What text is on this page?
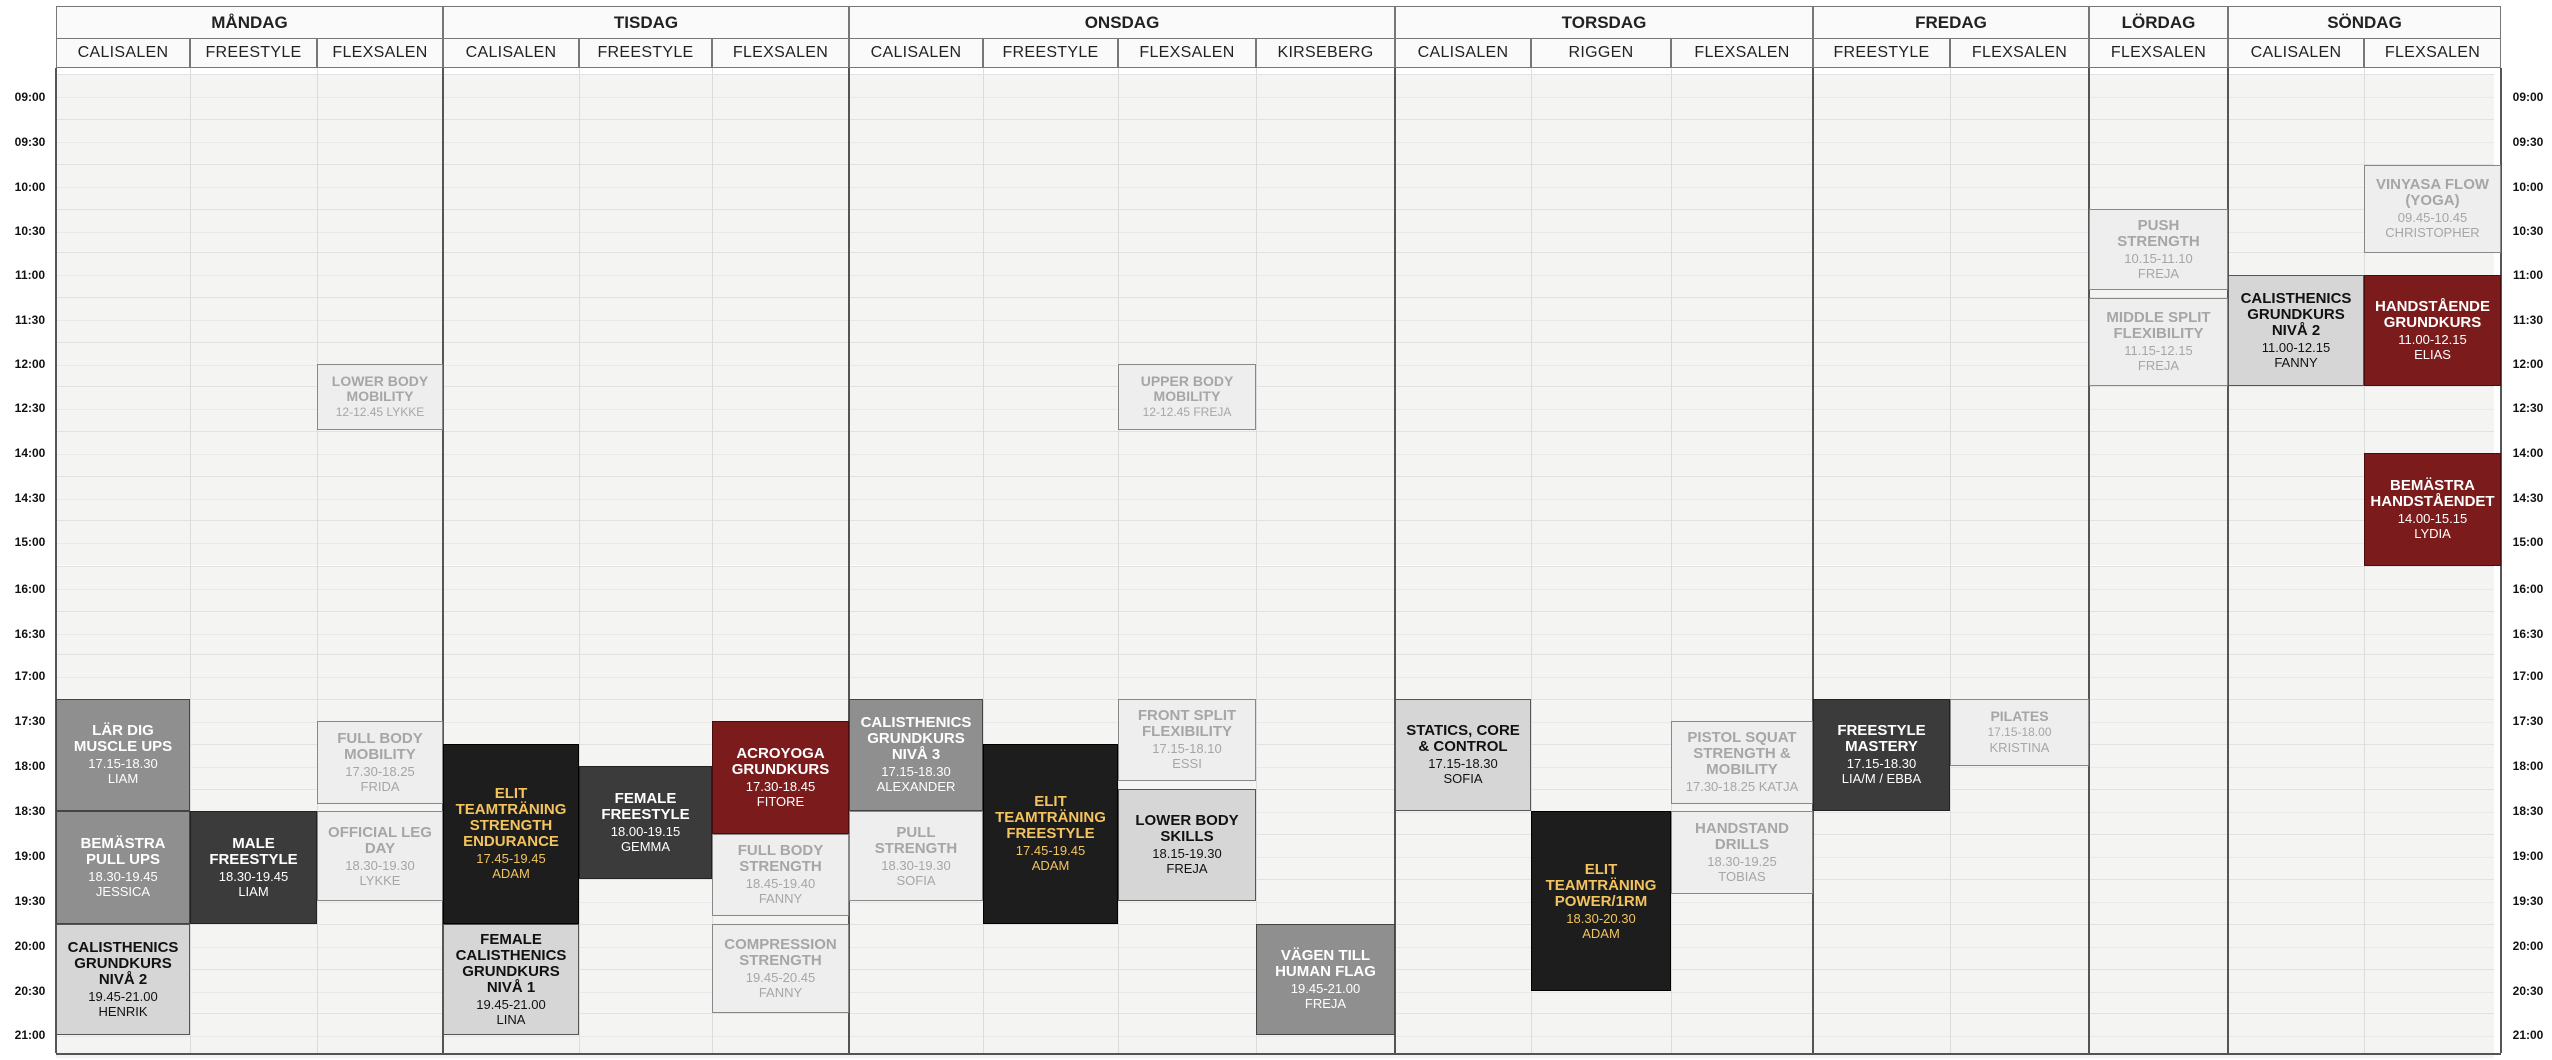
CALISALEN	FREESTYLE	FLEXSALEN
MÅNDAG
CALISALEN	FREESTYLE	FLEXSALEN
TISDAG
CALISALEN	FREESTYLE	FLEXSALEN	KIRSEBERG
ONSDAG
CALISALEN	RIGGEN	FLEXSALEN
TORSDAG
FREESTYLE	FLEXSALEN
FREDAG
FLEXSALEN
LÖRDAG
CALISALEN	FLEXSALEN
SÖNDAG
09:00	09:00
09:30	09:30
10:00	10:00
10:30	10:30
11:00	11:00
11:30	11:30
12:00	12:00
12:30	12:30
14:00	14:00
14:30	14:30
15:00	15:00
16:00	16:00
16:30	16:30
17:00	17:00
17:30	17:30
18:00	18:00
18:30	18:30
19:00	19:00
19:30	19:30
20:00	20:00
20:30	20:30
21:00	21:00
LOWER BODY MOBILITY
12-12.45 LYKKE
LÄR DIG MUSCLE UPS
17.15-18.30
LIAM
FULL BODY MOBILITY
17.30-18.25
FRIDA
BEMÄSTRA PULL UPS
18.30-19.45
JESSICA
MALE FREESTYLE
18.30-19.45
LIAM
OFFICIAL LEG DAY
18.30-19.30
LYKKE
CALISTHENICS GRUNDKURS NIVÅ 2
19.45-21.00
HENRIK
ELIT TEAMTRÄNING STRENGTH ENDURANCE
17.45-19.45
ADAM
FEMALE FREESTYLE
18.00-19.15
GEMMA
ACROYOGA GRUNDKURS
17.30-18.45
FITORE
FULL BODY STRENGTH
18.45-19.40
FANNY
FEMALE CALISTHENICS GRUNDKURS NIVÅ 1
19.45-21.00
LINA
COMPRESSION STRENGTH
19.45-20.45
FANNY
UPPER BODY MOBILITY
12-12.45 FREJA
CALISTHENICS GRUNDKURS NIVÅ 3
17.15-18.30
ALEXANDER
ELIT TEAMTRÄNING FREESTYLE
17.45-19.45
ADAM
FRONT SPLIT FLEXIBILITY
17.15-18.10
ESSI
LOWER BODY SKILLS
18.15-19.30
FREJA
PULL STRENGTH
18.30-19.30
SOFIA
VÄGEN TILL HUMAN FLAG
19.45-21.00
FREJA
STATICS, CORE & CONTROL
17.15-18.30
SOFIA
PISTOL SQUAT STRENGTH & MOBILITY
17.30-18.25 KATJA
ELIT TEAMTRÄNING POWER/1RM
18.30-20.30
ADAM
HANDSTAND DRILLS
18.30-19.25
TOBIAS
FREESTYLE MASTERY
17.15-18.30
LIA/M / EBBA
PILATES
17.15-18.00
KRISTINA
PUSH STRENGTH
10.15-11.10
FREJA
MIDDLE SPLIT FLEXIBILITY
11.15-12.15
FREJA
VINYASA FLOW (YOGA)
09.45-10.45
CHRISTOPHER
CALISTHENICS GRUNDKURS NIVÅ 2
11.00-12.15
FANNY
HANDSTÅENDE GRUNDKURS
11.00-12.15
ELIAS
BEMÄSTRA HANDSTÅENDET
14.00-15.15
LYDIA
